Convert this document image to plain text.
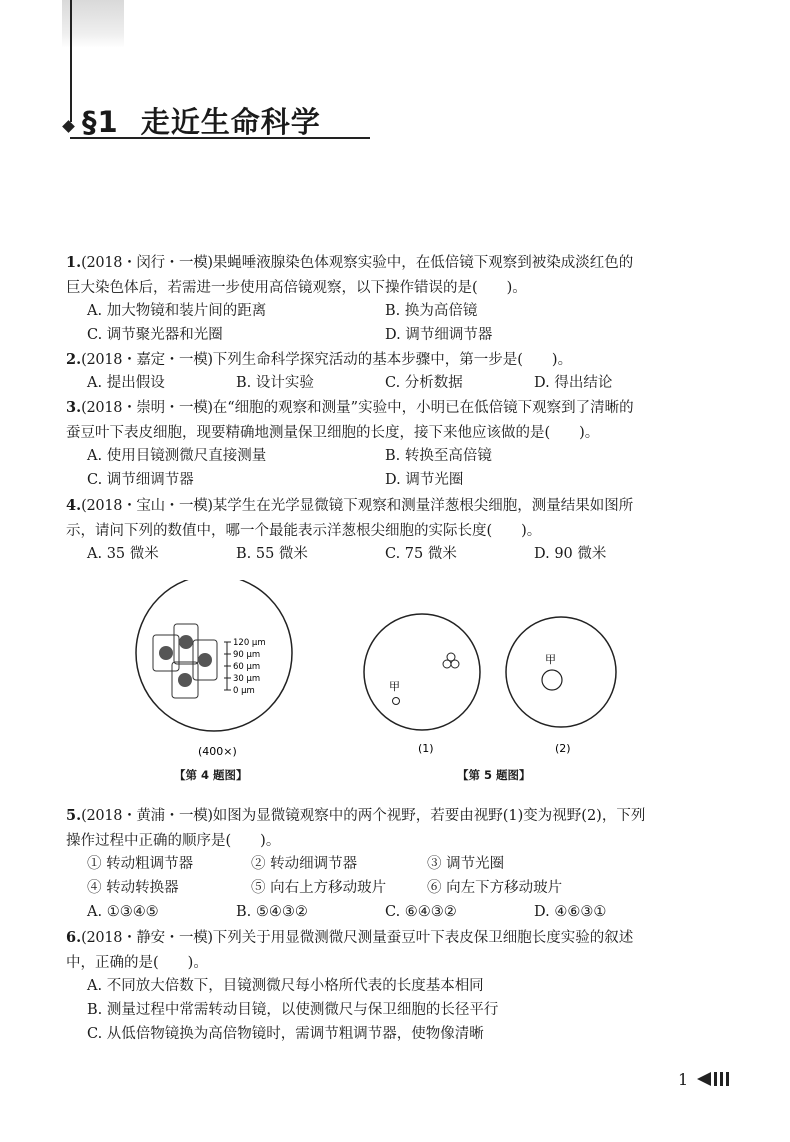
§1 走近生命科学
1.(2018・闵行・一模)果蝇唾液腺染色体观察实验中，在低倍镜下观察到被染成淡红色的
巨大染色体后，若需进一步使用高倍镜观察，以下操作错误的是(　　)。
A. 加大物镜和装片间的距离	B. 换为高倍镜
C. 调节聚光器和光圈	D. 调节细调节器
2.(2018・嘉定・一模)下列生命科学探究活动的基本步骤中，第一步是(　　)。
A. 提出假设	B. 设计实验	C. 分析数据	D. 得出结论
3.(2018・崇明・一模)在“细胞的观察和测量”实验中，小明已在低倍镜下观察到了清晰的
蚕豆叶下表皮细胞，现要精确地测量保卫细胞的长度，接下来他应该做的是(　　)。
A. 使用目镜测微尺直接测量	B. 转换至高倍镜
C. 调节细调节器	D. 调节光圈
4.(2018・宝山・一模)某学生在光学显微镜下观察和测量洋葱根尖细胞，测量结果如图所
示，请问下列的数值中，哪一个最能表示洋葱根尖细胞的实际长度(　　)。
A. 35 微米	B. 55 微米	C. 75 微米	D. 90 微米
120 μm
90 μm
60 μm
30 μm
0 μm
(400×)
甲
(1)
甲
(2)
【第 4 题图】	【第 5 题图】
5.(2018・黄浦・一模)如图为显微镜观察中的两个视野，若要由视野(1)变为视野(2)，下列
操作过程中正确的顺序是(　　)。
① 转动粗调节器	② 转动细调节器	③ 调节光圈
④ 转动转换器	⑤ 向右上方移动玻片	⑥ 向左下方移动玻片
A. ①③④⑤	B. ⑤④③②	C. ⑥④③②	D. ④⑥③①
6.(2018・静安・一模)下列关于用显微测微尺测量蚕豆叶下表皮保卫细胞长度实验的叙述
中，正确的是(　　)。
A. 不同放大倍数下，目镜测微尺每小格所代表的长度基本相同
B. 测量过程中常需转动目镜，以使测微尺与保卫细胞的长径平行
C. 从低倍物镜换为高倍物镜时，需调节粗调节器，使物像清晰
1
